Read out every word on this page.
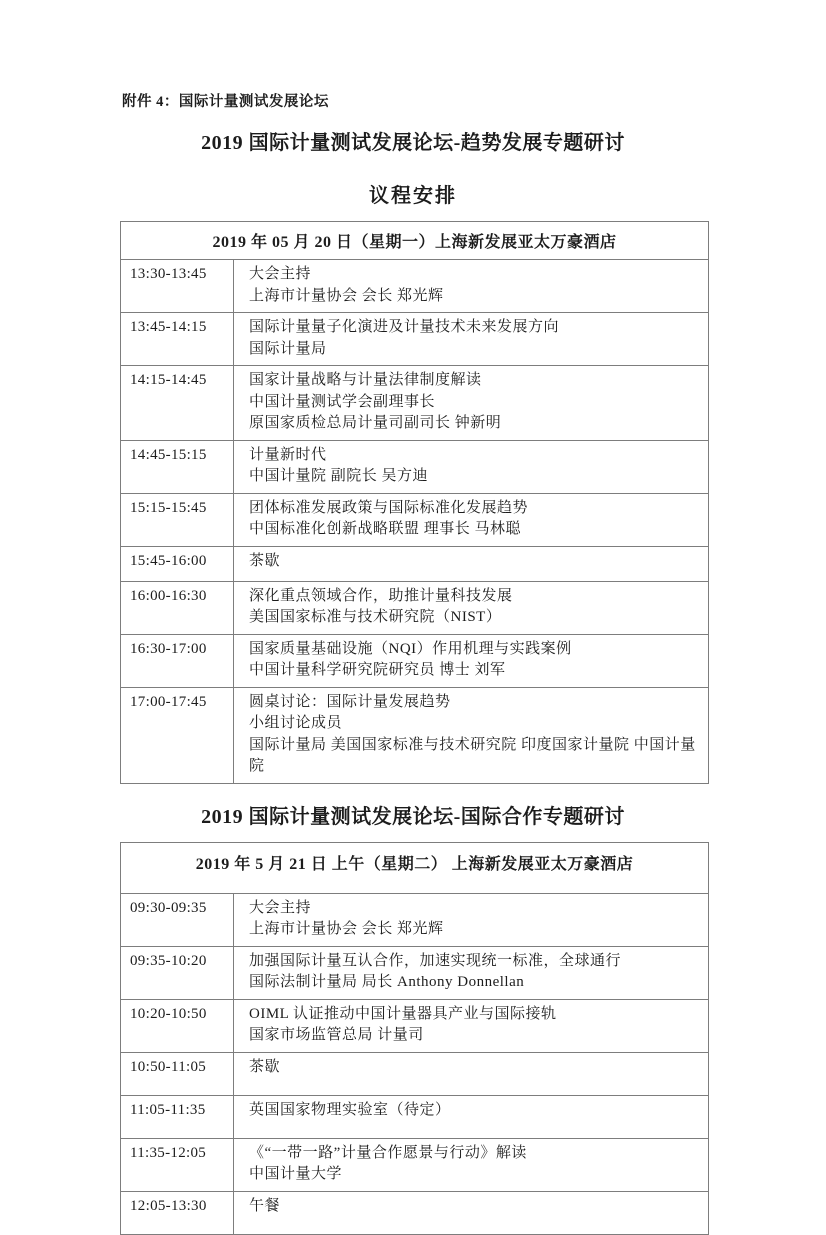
附件 4：国际计量测试发展论坛
2019 国际计量测试发展论坛-趋势发展专题研讨
议程安排
2019 年 05 月 20 日（星期一）上海新发展亚太万豪酒店
13:30-13:45	大会主持
上海市计量协会 会长 郑光辉
13:45-14:15	国际计量量子化演进及计量技术未来发展方向
国际计量局
14:15-14:45	国家计量战略与计量法律制度解读
中国计量测试学会副理事长
原国家质检总局计量司副司长 钟新明
14:45-15:15	计量新时代
中国计量院 副院长 吴方迪
15:15-15:45	团体标准发展政策与国际标准化发展趋势
中国标准化创新战略联盟 理事长 马林聪
15:45-16:00	茶歇
16:00-16:30	深化重点领域合作，助推计量科技发展
美国国家标准与技术研究院（NIST）
16:30-17:00	国家质量基础设施（NQI）作用机理与实践案例
中国计量科学研究院研究员 博士 刘军
17:00-17:45	圆桌讨论：国际计量发展趋势
小组讨论成员
国际计量局 美国国家标准与技术研究院 印度国家计量院 中国计量院
2019 国际计量测试发展论坛-国际合作专题研讨
2019 年 5 月 21 日 上午（星期二） 上海新发展亚太万豪酒店
09:30-09:35	大会主持
上海市计量协会 会长 郑光辉
09:35-10:20	加强国际计量互认合作，加速实现统一标准，全球通行
国际法制计量局 局长 Anthony Donnellan
10:20-10:50	OIML 认证推动中国计量器具产业与国际接轨
国家市场监管总局 计量司
10:50-11:05	茶歇
11:05-11:35	英国国家物理实验室（待定）
11:35-12:05	《“一带一路”计量合作愿景与行动》解读
中国计量大学
12:05-13:30	午餐
